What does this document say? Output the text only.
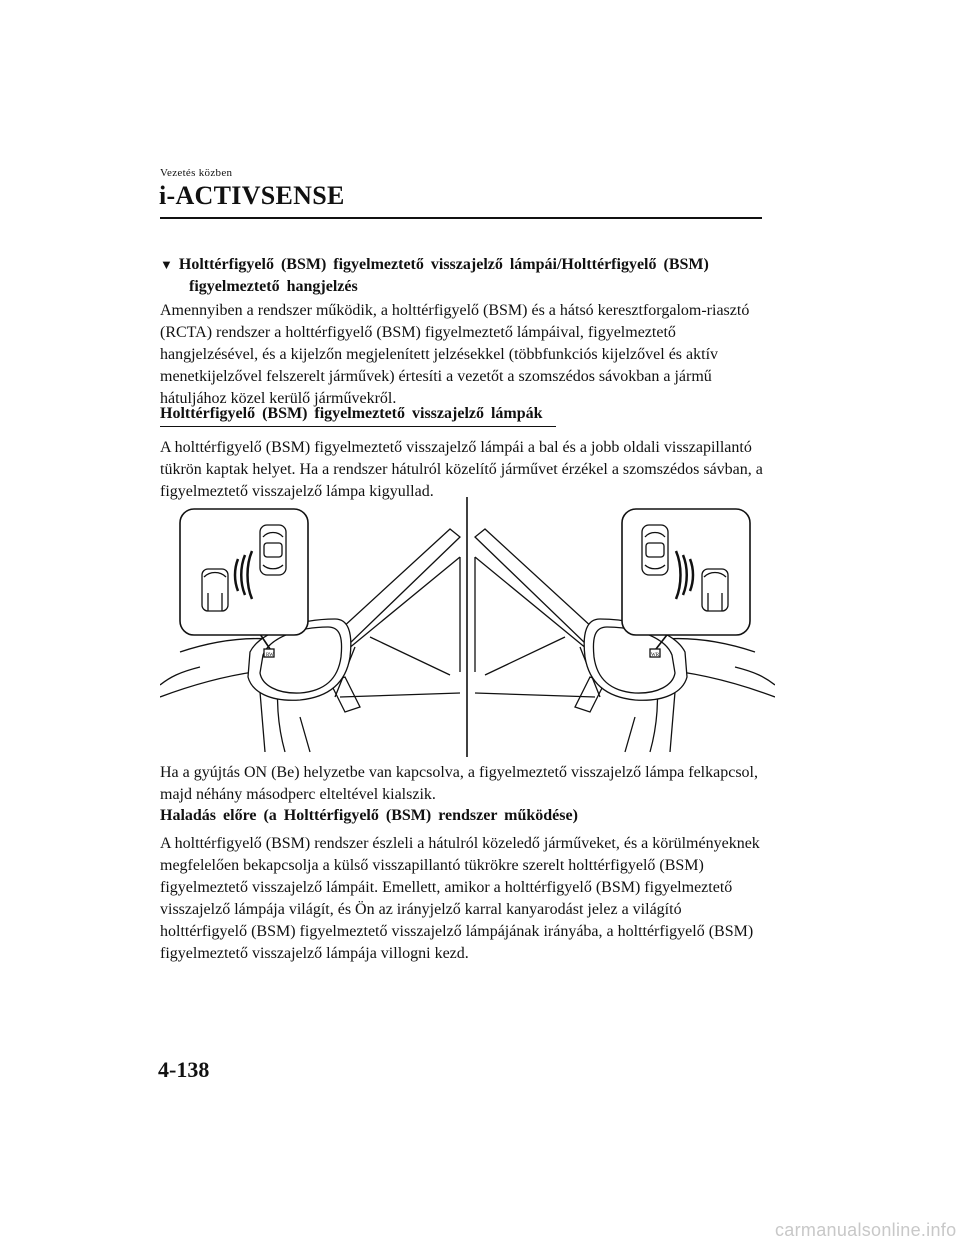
Vezetés közben
i-ACTIVSENSE
▼ Holttérfigyelő (BSM) figyelmeztető visszajelző lámpái/Holttérfigyelő (BSM)
figyelmeztető hangjelzés
Amennyiben a rendszer működik, a holttérfigyelő (BSM) és a hátsó keresztforgalom-riasztó (RCTA) rendszer a holttérfigyelő (BSM) figyelmeztető lámpáival, figyelmeztető hangjelzésével, és a kijelzőn megjelenített jelzésekkel (többfunkciós kijelzővel és aktív menetkijelzővel felszerelt járművek) értesíti a vezetőt a szomszédos sávokban a jármű hátuljához közel kerülő járművekről.
Holttérfigyelő (BSM) figyelmeztető visszajelző lámpák
A holttérfigyelő (BSM) figyelmeztető visszajelző lámpái a bal és a jobb oldali visszapillantó tükrön kaptak helyet. Ha a rendszer hátulról közelítő járművet érzékel a szomszédos sávban, a figyelmeztető visszajelző lámpa kigyullad.
RW	WR
Ha a gyújtás ON (Be) helyzetbe van kapcsolva, a figyelmeztető visszajelző lámpa felkapcsol, majd néhány másodperc elteltével kialszik.
Haladás előre (a Holttérfigyelő (BSM) rendszer működése)
A holttérfigyelő (BSM) rendszer észleli a hátulról közeledő járműveket, és a körülményeknek megfelelően bekapcsolja a külső visszapillantó tükrökre szerelt holttérfigyelő (BSM) figyelmeztető visszajelző lámpáit. Emellett, amikor a holttérfigyelő (BSM) figyelmeztető visszajelző lámpája világít, és Ön az irányjelző karral kanyarodást jelez a világító holttérfigyelő (BSM) figyelmeztető visszajelző lámpájának irányába, a holttérfigyelő (BSM) figyelmeztető visszajelző lámpája villogni kezd.
4-138
carmanualsonline.info
